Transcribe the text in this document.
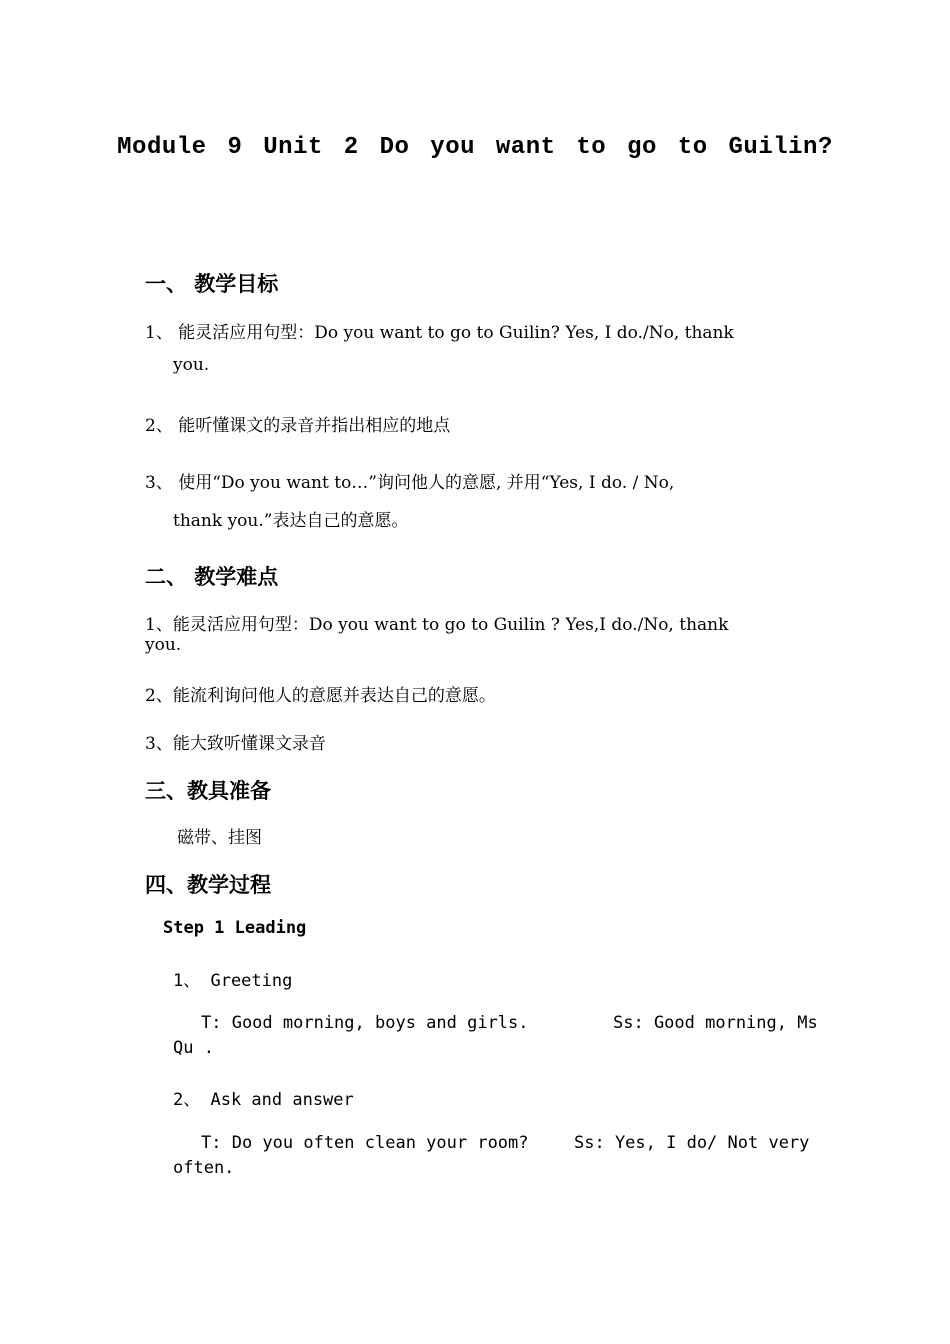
Module 9 Unit 2 Do you want to go to Guilin?
一、 教学目标
1、 能灵活应用句型：Do you want to go to Guilin? Yes, I do./No, thank
you.
2、 能听懂课文的录音并指出相应的地点
3、 使用“Do you want to…”询问他人的意愿, 并用“Yes, I do. / No,
thank you.”表达自己的意愿。
二、 教学难点
1、能灵活应用句型：Do you want to go to Guilin ? Yes,I do./No, thank
you.
2、能流利询问他人的意愿并表达自己的意愿。
3、能大致听懂课文录音
三、教具准备
磁带、挂图
四、教学过程
Step 1 Leading
1、 Greeting
T: Good morning, boys and girls.	Ss: Good morning, Ms
Qu .
2、 Ask and answer
T: Do you often clean your room?	Ss: Yes, I do/ Not very
often.
